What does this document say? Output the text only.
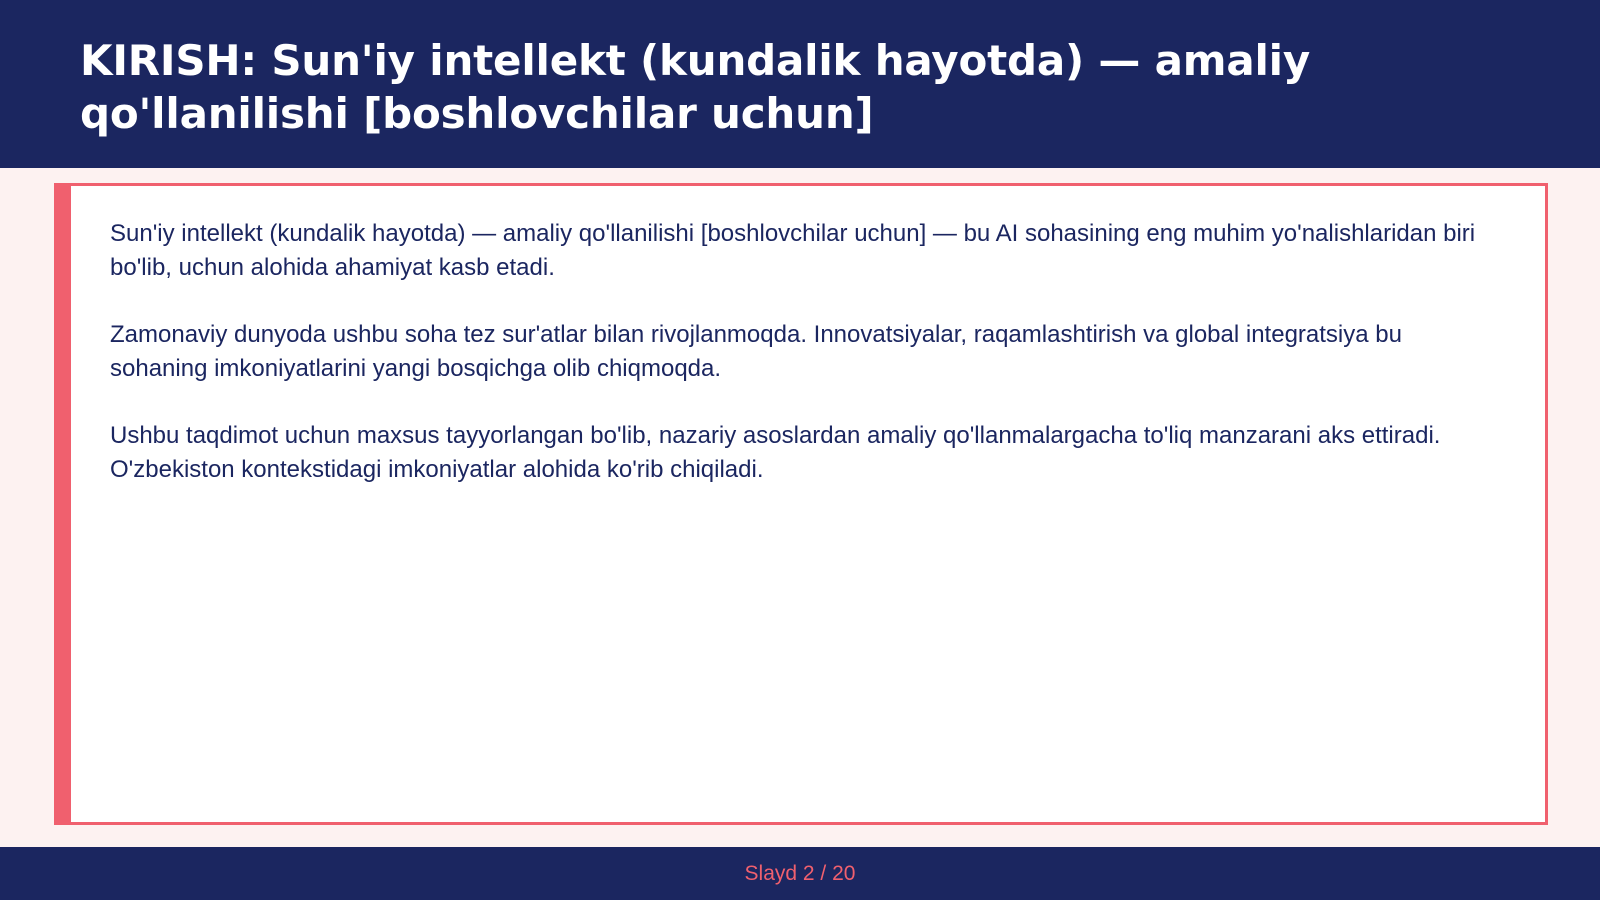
KIRISH: Sun'iy intellekt (kundalik hayotda) — amaliy qo'llanilishi [boshlovchilar uchun]

Sun'iy intellekt (kundalik hayotda) — amaliy qo'llanilishi [boshlovchilar uchun] — bu AI sohasining eng muhim yo'nalishlaridan biri bo'lib, uchun alohida ahamiyat kasb etadi.

Zamonaviy dunyoda ushbu soha tez sur'atlar bilan rivojlanmoqda. Innovatsiyalar, raqamlashtirish va global integratsiya bu sohaning imkoniyatlarini yangi bosqichga olib chiqmoqda.

Ushbu taqdimot uchun maxsus tayyorlangan bo'lib, nazariy asoslardan amaliy qo'llanmalargacha to'liq manzarani aks ettiradi. O'zbekiston kontekstidagi imkoniyatlar alohida ko'rib chiqiladi.

Slayd 2 / 20
